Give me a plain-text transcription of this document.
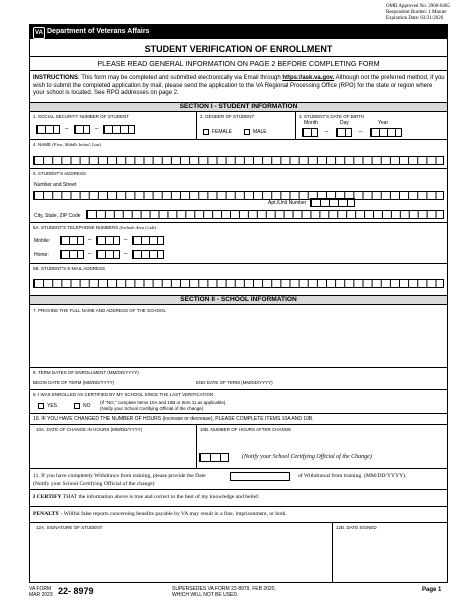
OMB Approved No. 2900-0465
Respondent Burden: 1 Minute
Expiration Date: 03/31/2026
VA Department of Veterans Affairs
STUDENT VERIFICATION OF ENROLLMENT
PLEASE READ GENERAL INFORMATION ON PAGE 2 BEFORE COMPLETING FORM
INSTRUCTIONS: This form may be completed and submitted electronically via Email through https://ask.va.gov. Although not the preferred method, if you wish to submit the completed application by mail, please send the application to the VA Regional Processing Office (RPO) for the state or region where your school is located. See RPO addresses on page 2.
SECTION I - STUDENT INFORMATION
1. SOCIAL SECURITY NUMBER OF STUDENT
–	–
2. GENDER OF STUDENT
FEMALE	MALE
3. STUDENT'S DATE OF BIRTH
Month	Day	Year
–	–
4. NAME (First, Middle Initial, Last)
5. STUDENT'S ADDRESS
Number and Street
Apt./Unit Number
City, State, ZIP Code
6A. STUDENT'S TELEPHONE NUMBERS (Include Area Code)
Mobile:	–	–
Home:	–	–
6B. STUDENT'S E-MAIL ADDRESS
SECTION II - SCHOOL INFORMATION
7. PROVIDE THE FULL NAME AND ADDRESS OF THE SCHOOL
8. TERM DATES OF ENROLLMENT (MM/DD/YYYY)
BEGIN DATE OF TERM (MM/DD/YYYY)	END DATE OF TERM (MM/DD/YYYY)
9. I WAS ENROLLED AS CERTIFIED BY MY SCHOOL SINCE THE LAST VERIFICATION
YES	NO
(If "NO," complete Items 10A and 10B or Item 11 as applicable).
(Notify your School Certifying Official of the change)
10. IF YOU HAVE CHANGED THE NUMBER OF HOURS (increase or decrease), PLEASE COMPLETE ITEMS 10A AND 10B.
10A. DATE OF CHANGE IN HOURS (MM/DD/YYYY)	10B. NUMBER OF HOURS AFTER CHANGE
(Notify your School Certifying Official of the Change)
11. If you have completely Withdrawn from training, please provide the Date	of Withdrawal from training. (MM/DD/YYYY).
(Notify your School Certifying Official of the change)
I CERTIFY THAT the information above is true and correct to the best of my knowledge and belief.
PENALTY - Willful false reports concerning benefits payable by VA may result in a fine, imprisonment, or both.
12A. SIGNATURE OF STUDENT	12B. DATE SIGNED
VA FORM
MAR 2023 22- 8979	SUPERSEDES VA FORM 22-8979, FEB 2020,
WHICH WILL NOT BE USED.
Page 1
